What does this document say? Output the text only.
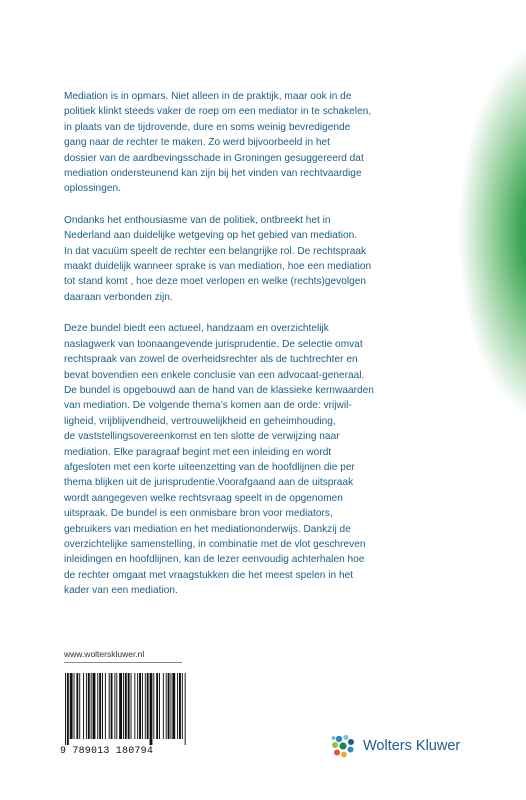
Mediation is in opmars. Niet alleen in de praktijk, maar ook in de
politiek klinkt steeds vaker de roep om een mediator in te schakelen,
in plaats van de tijdrovende, dure en soms weinig bevredigende
gang naar de rechter te maken. Zo werd bijvoorbeeld in het
dossier van de aardbevingsschade in Groningen gesuggereerd dat
mediation ondersteunend kan zijn bij het vinden van rechtvaardige
oplossingen.

Ondanks het enthousiasme van de politiek, ontbreekt het in
Nederland aan duidelijke wetgeving op het gebied van mediation.
In dat vacuüm speelt de rechter een belangrijke rol. De rechtspraak
maakt duidelijk wanneer sprake is van mediation, hoe een mediation
tot stand komt , hoe deze moet verlopen en welke (rechts)gevolgen
daaraan verbonden zijn.

Deze bundel biedt een actueel, handzaam en overzichtelijk
naslagwerk van toonaangevende jurisprudentie. De selectie omvat
rechtspraak van zowel de overheidsrechter als de tuchtrechter en
bevat bovendien een enkele conclusie van een advocaat-generaal.
De bundel is opgebouwd aan de hand van de klassieke kernwaarden
van mediation. De volgende thema’s komen aan de orde: vrijwil-
ligheid, vrijblijvendheid, vertrouwelijkheid en geheimhouding,
de vaststellingsovereenkomst en ten slotte de verwijzing naar
mediation. Elke paragraaf begint met een inleiding en wordt
afgesloten met een korte uiteenzetting van de hoofdlijnen die per
thema blijken uit de jurisprudentie.Voorafgaand aan de uitspraak
wordt aangegeven welke rechtsvraag speelt in de opgenomen
uitspraak. De bundel is een onmisbare bron voor mediators,
gebruikers van mediation en het mediationonderwijs. Dankzij de
overzichtelijke samenstelling, in combinatie met de vlot geschreven
inleidingen en hoofdlijnen, kan de lezer eenvoudig achterhalen hoe
de rechter omgaat met vraagstukken die het meest spelen in het
kader van een mediation.

www.wolterskluwer.nl
9 789013 180794	Wolters Kluwer
